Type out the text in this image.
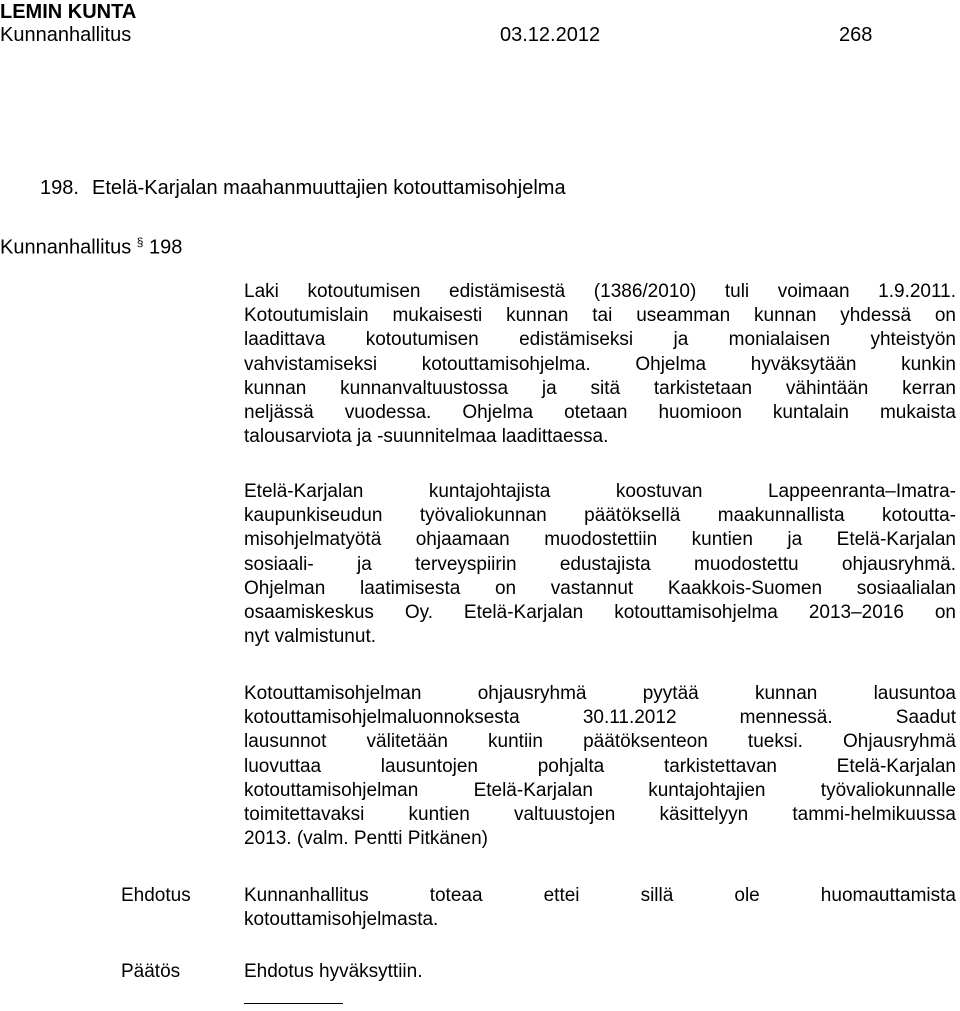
LEMIN KUNTA
Kunnanhallitus	03.12.2012	268
198. Etelä-Karjalan maahanmuuttajien kotouttamisohjelma
Kunnanhallitus § 198
Laki kotoutumisen edistämisestä (1386/2010) tuli voimaan 1.9.2011.
Kotoutumislain mukaisesti kunnan tai useamman kunnan yhdessä on
laadittava kotoutumisen edistämiseksi ja monialaisen yhteistyön
vahvistamiseksi kotouttamisohjelma. Ohjelma hyväksytään kunkin
kunnan kunnanvaltuustossa ja sitä tarkistetaan vähintään kerran
neljässä vuodessa. Ohjelma otetaan huomioon kuntalain mukaista
talousarviota ja -suunnitelmaa laadittaessa.
Etelä-Karjalan kuntajohtajista koostuvan Lappeenranta–Imatra-
kaupunkiseudun työvaliokunnan päätöksellä maakunnallista kotoutta-
misohjelmatyötä ohjaamaan muodostettiin kuntien ja Etelä-Karjalan
sosiaali- ja terveyspiirin edustajista muodostettu ohjausryhmä.
Ohjelman laatimisesta on vastannut Kaakkois-Suomen sosiaalialan
osaamiskeskus Oy. Etelä-Karjalan kotouttamisohjelma 2013–2016 on
nyt valmistunut.
Kotouttamisohjelman ohjausryhmä pyytää kunnan lausuntoa
kotouttamisohjelmaluonnoksesta 30.11.2012 mennessä. Saadut
lausunnot välitetään kuntiin päätöksenteon tueksi. Ohjausryhmä
luovuttaa lausuntojen pohjalta tarkistettavan Etelä-Karjalan
kotouttamisohjelman Etelä-Karjalan kuntajohtajien työvaliokunnalle
toimitettavaksi kuntien valtuustojen käsittelyyn tammi-helmikuussa
2013. (valm. Pentti Pitkänen)
Ehdotus	Kunnanhallitus toteaa ettei sillä ole huomauttamista
kotouttamisohjelmasta.
Päätös	Ehdotus hyväksyttiin.
